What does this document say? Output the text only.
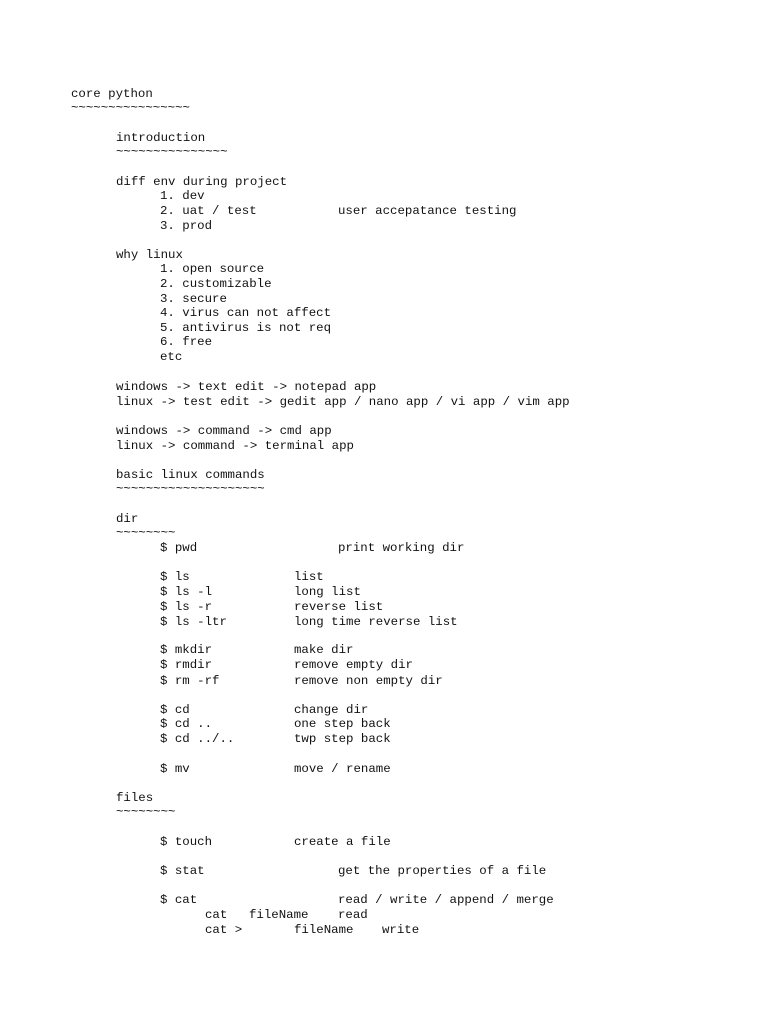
core python
~~~~~~~~~~~~~~~~
introduction
~~~~~~~~~~~~~~~
diff env during project
1. dev
2. uat / test	user accepatance testing
3. prod
why linux
1. open source
2. customizable
3. secure
4. virus can not affect
5. antivirus is not req
6. free
etc
windows -> text edit -> notepad app
linux -> test edit -> gedit app / nano app / vi app / vim app
windows -> command -> cmd app
linux -> command -> terminal app
basic linux commands
~~~~~~~~~~~~~~~~~~~~
dir
~~~~~~~~
$ pwd	print working dir
$ ls	list
$ ls -l	long list
$ ls -r	reverse list
$ ls -ltr	long time reverse list
$ mkdir	make dir
$ rmdir	remove empty dir
$ rm -rf	remove non empty dir
$ cd	change dir
$ cd ..	one step back
$ cd ../..	twp step back
$ mv	move / rename
files
~~~~~~~~
$ touch	create a file
$ stat	get the properties of a file
$ cat	read / write / append / merge
cat fileName read
cat >	fileName write
